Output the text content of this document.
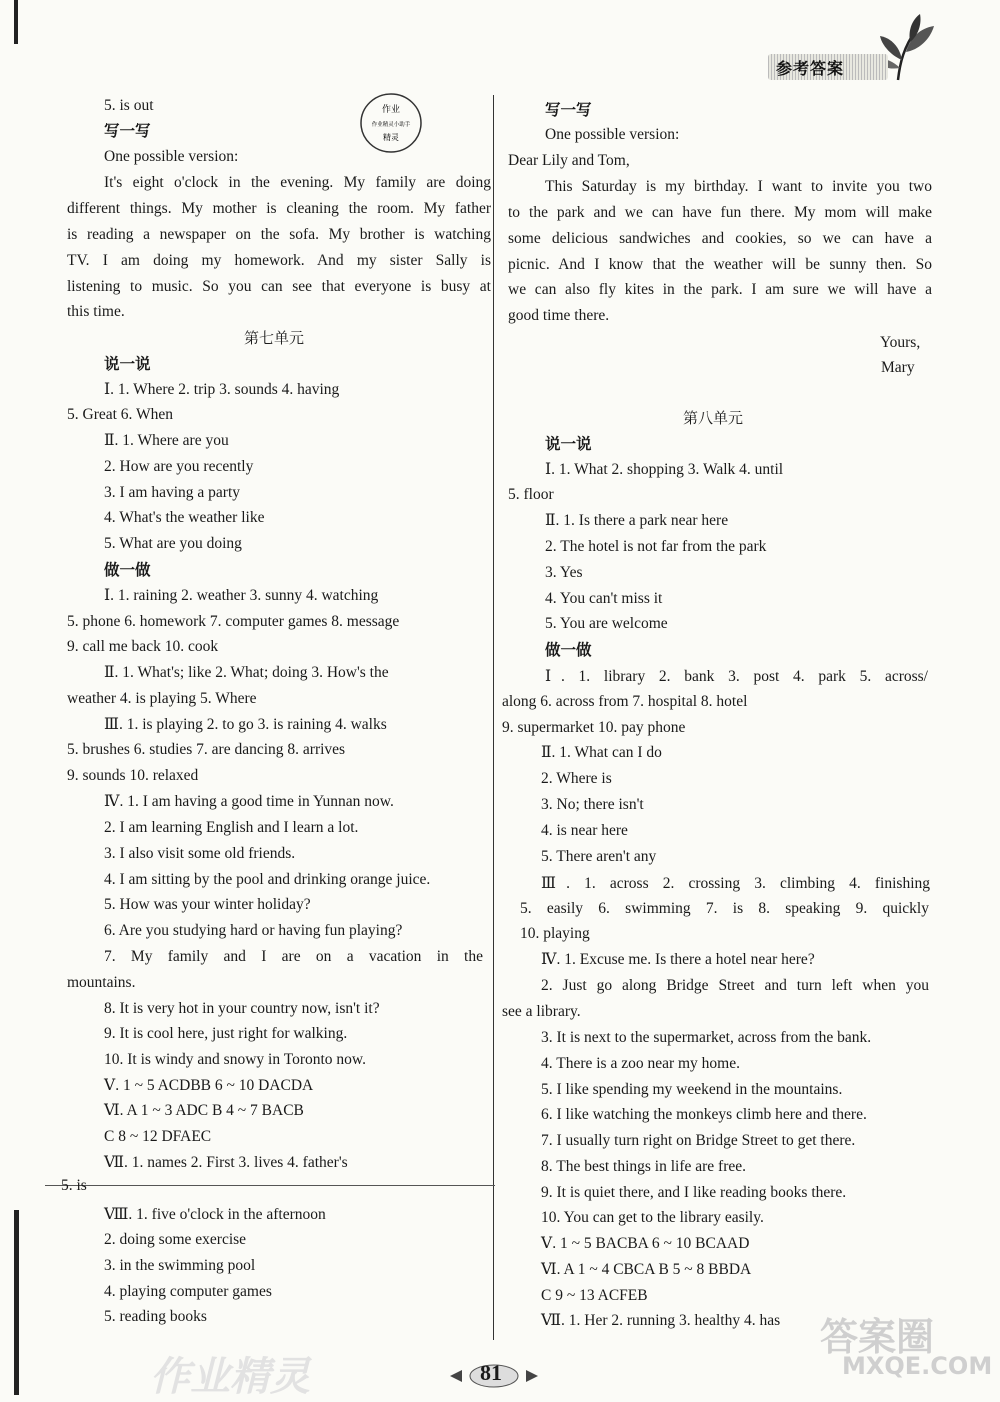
参考答案
作业
作业精灵小助手
精灵
5. is out
写一写
One possible version:
It's eight o'clock in the evening. My family are doing
different things. My mother is cleaning the room. My father
is reading a newspaper on the sofa. My brother is watching
TV. I am doing my homework. And my sister Sally is
listening to music. So you can see that everyone is busy at
this time.
第七单元
说一说
Ⅰ. 1. Where 2. trip 3. sounds 4. having
5. Great 6. When
Ⅱ. 1. Where are you
2. How are you recently
3. I am having a party
4. What's the weather like
5. What are you doing
做一做
Ⅰ. 1. raining 2. weather 3. sunny 4. watching
5. phone 6. homework 7. computer games 8. message
9. call me back 10. cook
Ⅱ. 1. What's; like 2. What; doing 3. How's the
weather 4. is playing 5. Where
Ⅲ. 1. is playing 2. to go 3. is raining 4. walks
5. brushes 6. studies 7. are dancing 8. arrives
9. sounds 10. relaxed
Ⅳ. 1. I am having a good time in Yunnan now.
2. I am learning English and I learn a lot.
3. I also visit some old friends.
4. I am sitting by the pool and drinking orange juice.
5. How was your winter holiday?
6. Are you studying hard or having fun playing?
7. My family and I are on a vacation in the
mountains.
8. It is very hot in your country now, isn't it?
9. It is cool here, just right for walking.
10. It is windy and snowy in Toronto now.
Ⅴ. 1 ~ 5 ACDBB 6 ~ 10 DACDA
Ⅵ. A 1 ~ 3 ADC B 4 ~ 7 BACB
C 8 ~ 12 DFAEC
Ⅶ. 1. names 2. First 3. lives 4. father's
5. is
Ⅷ. 1. five o'clock in the afternoon
2. doing some exercise
3. in the swimming pool
4. playing computer games
5. reading books
写一写
One possible version:
Dear Lily and Tom,
This Saturday is my birthday. I want to invite you two
to the park and we can have fun there. My mom will make
some delicious sandwiches and cookies, so we can have a
picnic. And I know that the weather will be sunny then. So
we can also fly kites in the park. I am sure we will have a
good time there.
Yours,
Mary
第八单元
说一说
Ⅰ. 1. What 2. shopping 3. Walk 4. until
5. floor
Ⅱ. 1. Is there a park near here
2. The hotel is not far from the park
3. Yes
4. You can't miss it
5. You are welcome
做一做
Ⅰ. 1. library 2. bank 3. post 4. park 5. across/
along 6. across from 7. hospital 8. hotel
9. supermarket 10. pay phone
Ⅱ. 1. What can I do
2. Where is
3. No; there isn't
4. is near here
5. There aren't any
Ⅲ. 1. across 2. crossing 3. climbing 4. finishing
5. easily 6. swimming 7. is 8. speaking 9. quickly
10. playing
Ⅳ. 1. Excuse me. Is there a hotel near here?
2. Just go along Bridge Street and turn left when you
see a library.
3. It is next to the supermarket, across from the bank.
4. There is a zoo near my home.
5. I like spending my weekend in the mountains.
6. I like watching the monkeys climb here and there.
7. I usually turn right on Bridge Street to get there.
8. The best things in life are free.
9. It is quiet there, and I like reading books there.
10. You can get to the library easily.
Ⅴ. 1 ~ 5 BACBA 6 ~ 10 BCAAD
Ⅵ. A 1 ~ 4 CBCA B 5 ~ 8 BBDA
C 9 ~ 13 ACFEB
Ⅶ. 1. Her 2. running 3. healthy 4. has 答案圈
MXQE.COM
作业精灵	81
